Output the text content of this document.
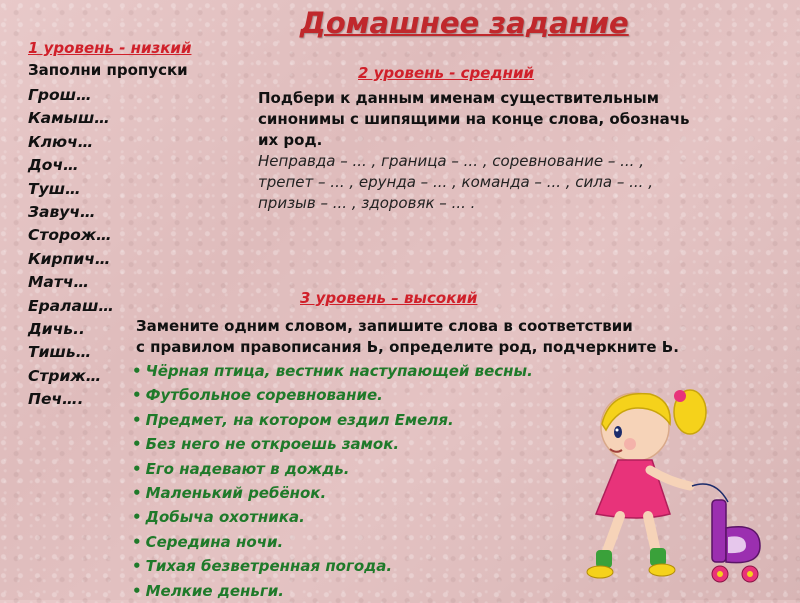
Домашнее задание
1 уровень - низкий
Заполни пропуски
Грош…
Камыш…
Ключ…
Доч…
Туш…
Завуч…
Сторож…
Кирпич…
Матч…
Ералаш…
Дичь..
Тишь…
Стриж…
Печ….
2 уровень - средний
Подбери к данным именам существительным
синонимы с шипящими на конце слова, обозначь
их род.
Неправда – ... , граница – ... , соревнование – ... ,
трепет – ... , ерунда – ... , команда – ... , сила – ... ,
призыв – ... , здоровяк – ... .
3 уровень – высокий
Замените одним словом, запишите слова в соответствии
с правилом правописания Ь, определите род, подчеркните Ь.
• Чёрная птица, вестник наступающей весны.
• Футбольное соревнование.
• Предмет, на котором ездил Емеля.
• Без него не откроешь замок.
• Его надевают в дождь.
• Маленький ребёнок.
• Добыча охотника.
• Середина ночи.
• Тихая безветренная погода.
• Мелкие деньги.
